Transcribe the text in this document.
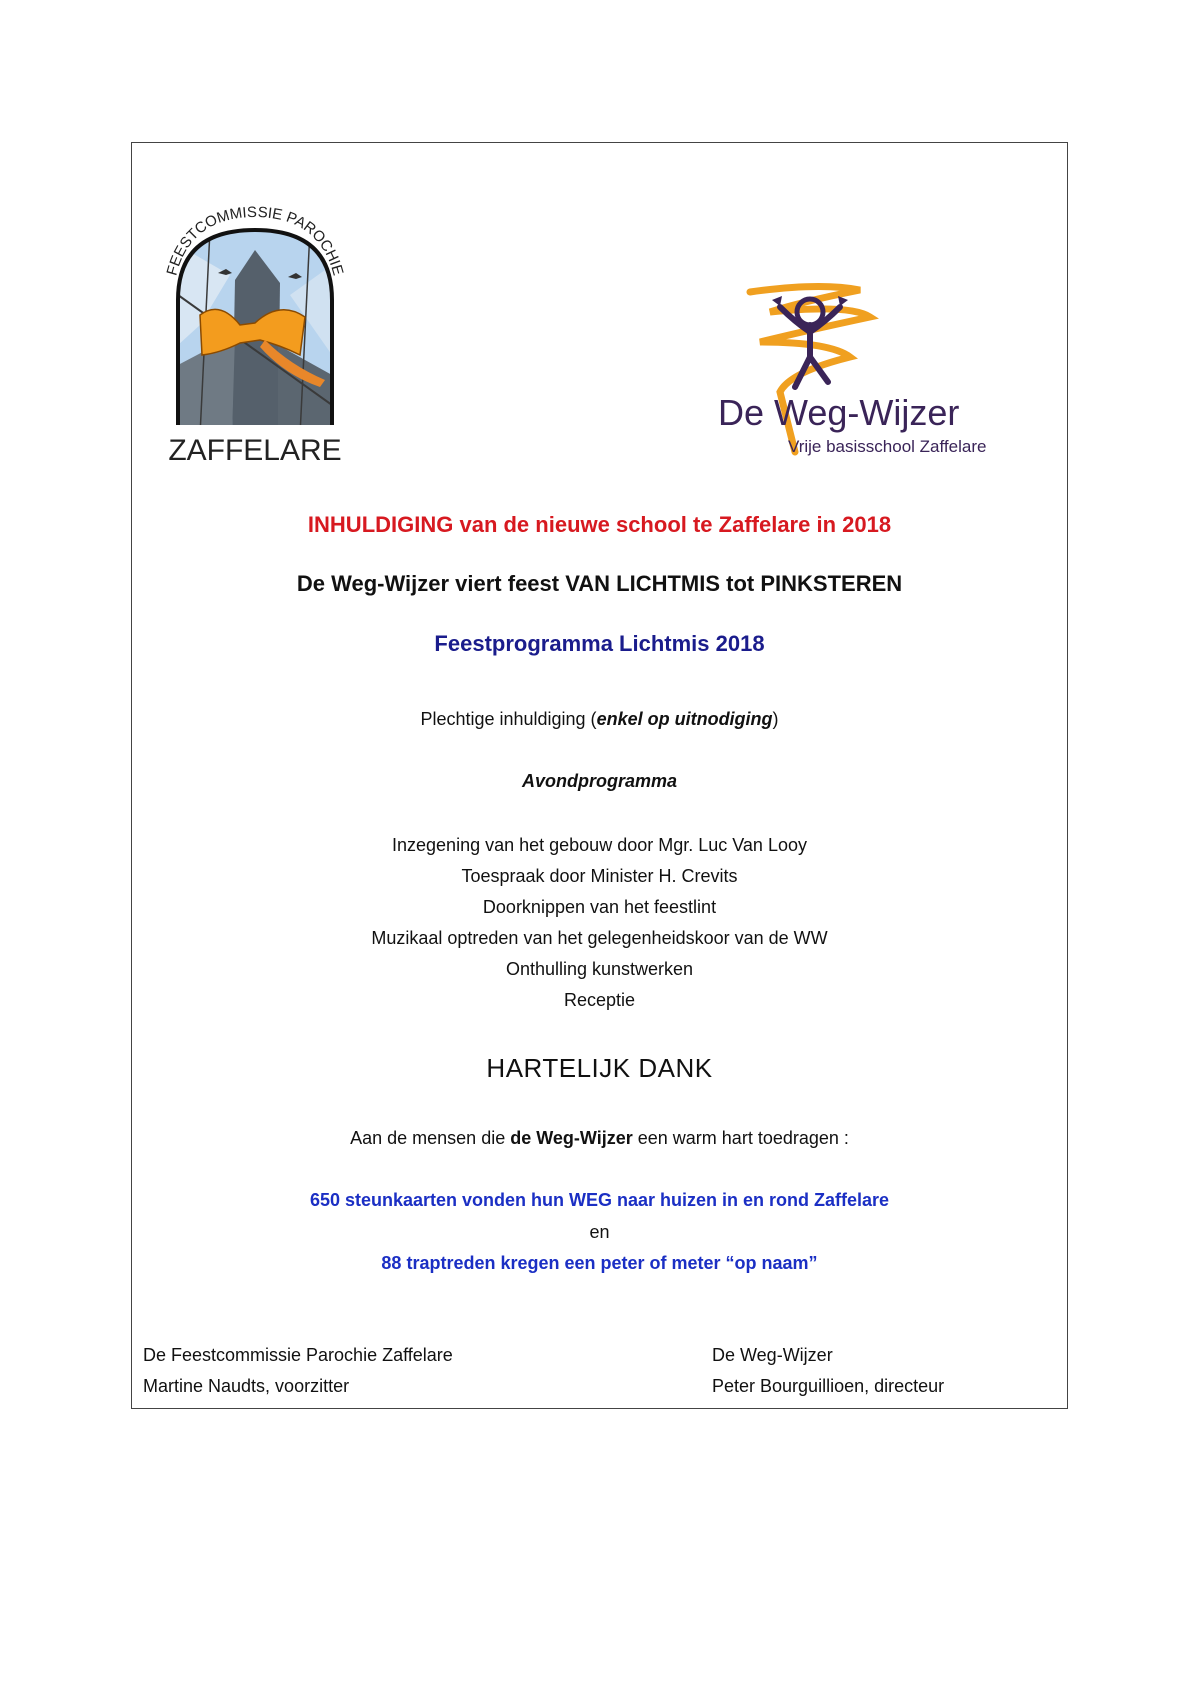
FEESTCOMMISSIE PAROCHIE
ZAFFELARE
De Weg-Wijzer
Vrije basisschool Zaffelare
INHULDIGING van de nieuwe school te Zaffelare in 2018
De Weg-Wijzer viert feest VAN LICHTMIS tot PINKSTEREN
Feestprogramma Lichtmis 2018
Plechtige inhuldiging (enkel op uitnodiging)
Avondprogramma
Inzegening van het gebouw door Mgr. Luc Van Looy
Toespraak door Minister H. Crevits
Doorknippen van het feestlint
Muzikaal optreden van het gelegenheidskoor van de WW
Onthulling kunstwerken
Receptie
HARTELIJK DANK
Aan de mensen die de Weg-Wijzer een warm hart toedragen :
650 steunkaarten vonden hun WEG naar huizen in en rond Zaffelare
en
88 traptreden kregen een peter of meter “op naam”
De Feestcommissie Parochie Zaffelare
Martine Naudts, voorzitter
De Weg-Wijzer
Peter Bourguillioen, directeur
